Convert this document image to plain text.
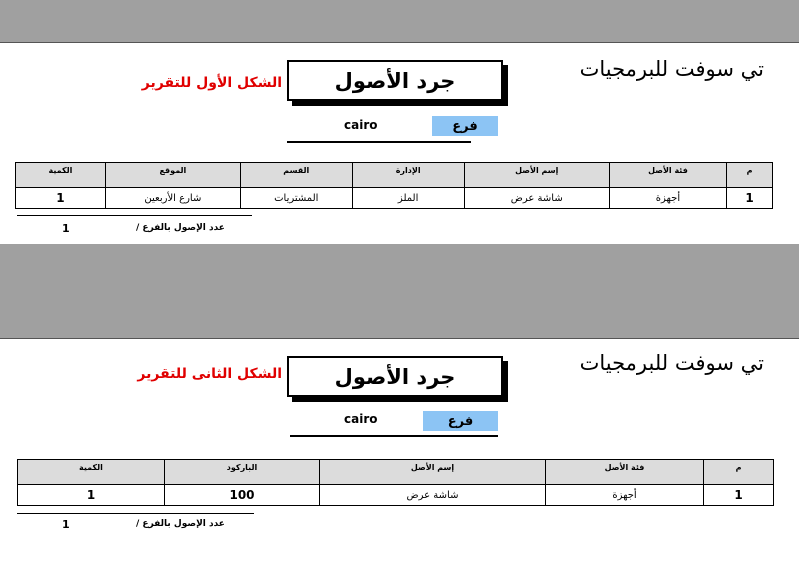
تي سوفت للبرمجيات
جرد الأصول
الشكل الأول للتقرير
فرع
cairo
م	فئة الأصل	إسم الأصل	الإدارة	القسم	الموقع	الكمية
1	أجهزة	شاشة عرض	الملز	المشتريات	شارع الأربعين	1
عدد الإصول بالفرع /
1
تي سوفت للبرمجيات
جرد الأصول
الشكل الثانى للتقرير
فرع
cairo
م	فئة الأصل	إسم الأصل	الباركود	الكمية
1	أجهزة	شاشة عرض	100	1
عدد الإصول بالفرع /
1
